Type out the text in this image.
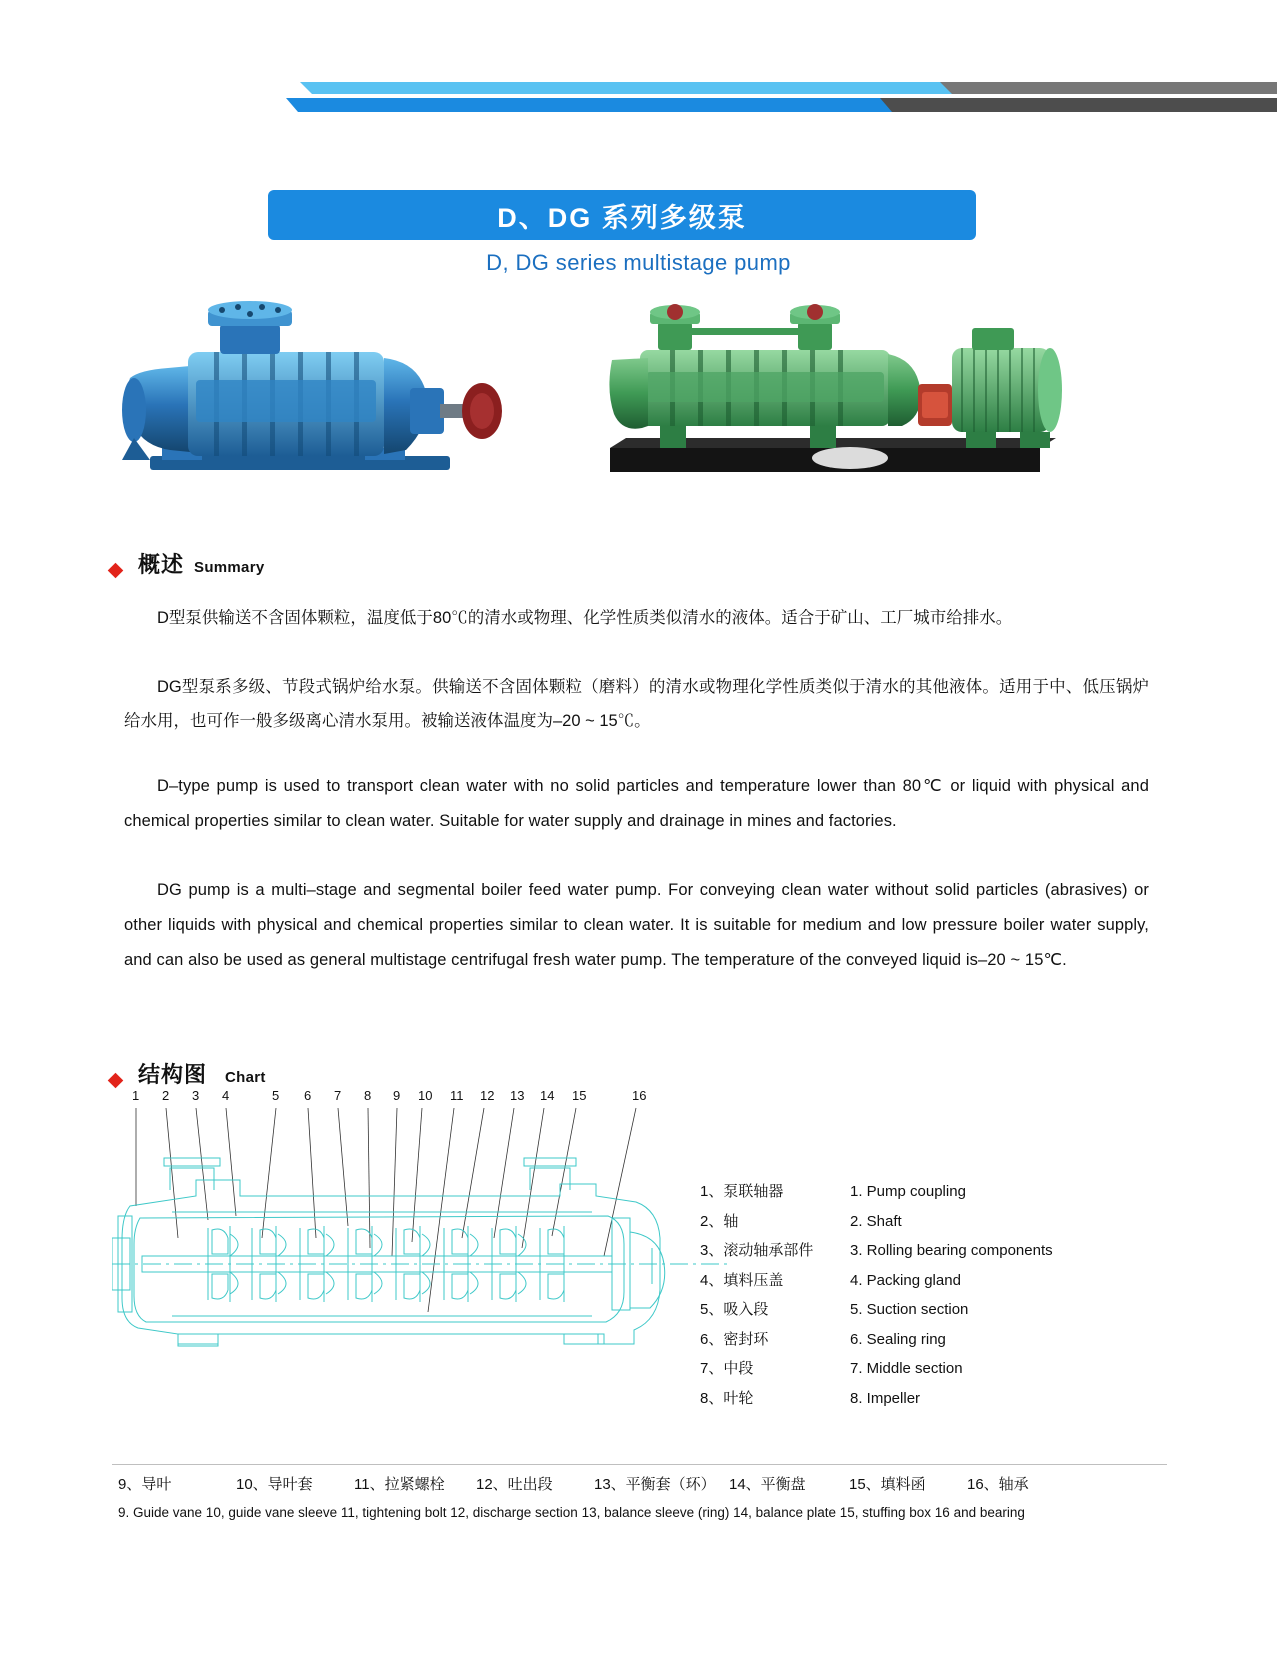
D、DG 系列多级泵
D, DG series multistage pump
概述 Summary

D型泵供输送不含固体颗粒，温度低于80℃的清水或物理、化学性质类似清水的液体。适合于矿山、工厂城市给排水。

DG型泵系多级、节段式锅炉给水泵。供输送不含固体颗粒（磨料）的清水或物理化学性质类似于清水的其他液体。适用于中、低压锅炉给水用，也可作一般多级离心清水泵用。被输送液体温度为–20 ~ 15℃。

D–type pump is used to transport clean water with no solid particles and temperature lower than 80℃ or liquid with physical and chemical properties similar to clean water. Suitable for water supply and drainage in mines and factories.

DG pump is a multi–stage and segmental boiler feed water pump. For conveying clean water without solid particles (abrasives) or other liquids with physical and chemical properties similar to clean water. It is suitable for medium and low pressure boiler water supply, and can also be used as general multistage centrifugal fresh water pump. The temperature of the conveyed liquid is–20 ~ 15℃.

结构图 Chart
1 2 3 4	5 6 7 8 9 10 11 12 13 14 15	16
1、泵联轴器	1. Pump coupling
2、轴	2. Shaft
3、滚动轴承部件	3. Rolling bearing components
4、填料压盖	4. Packing gland
5、吸入段	5. Suction section
6、密封环	6. Sealing ring
7、中段	7. Middle section
8、叶轮	8. Impeller
9、导叶	10、导叶套	11、拉紧螺栓	12、吐出段	13、平衡套（环） 14、平衡盘	15、填料函	16、轴承
9. Guide vane 10, guide vane sleeve 11, tightening bolt 12, discharge section 13, balance sleeve (ring) 14, balance plate 15, stuffing box 16 and bearing
